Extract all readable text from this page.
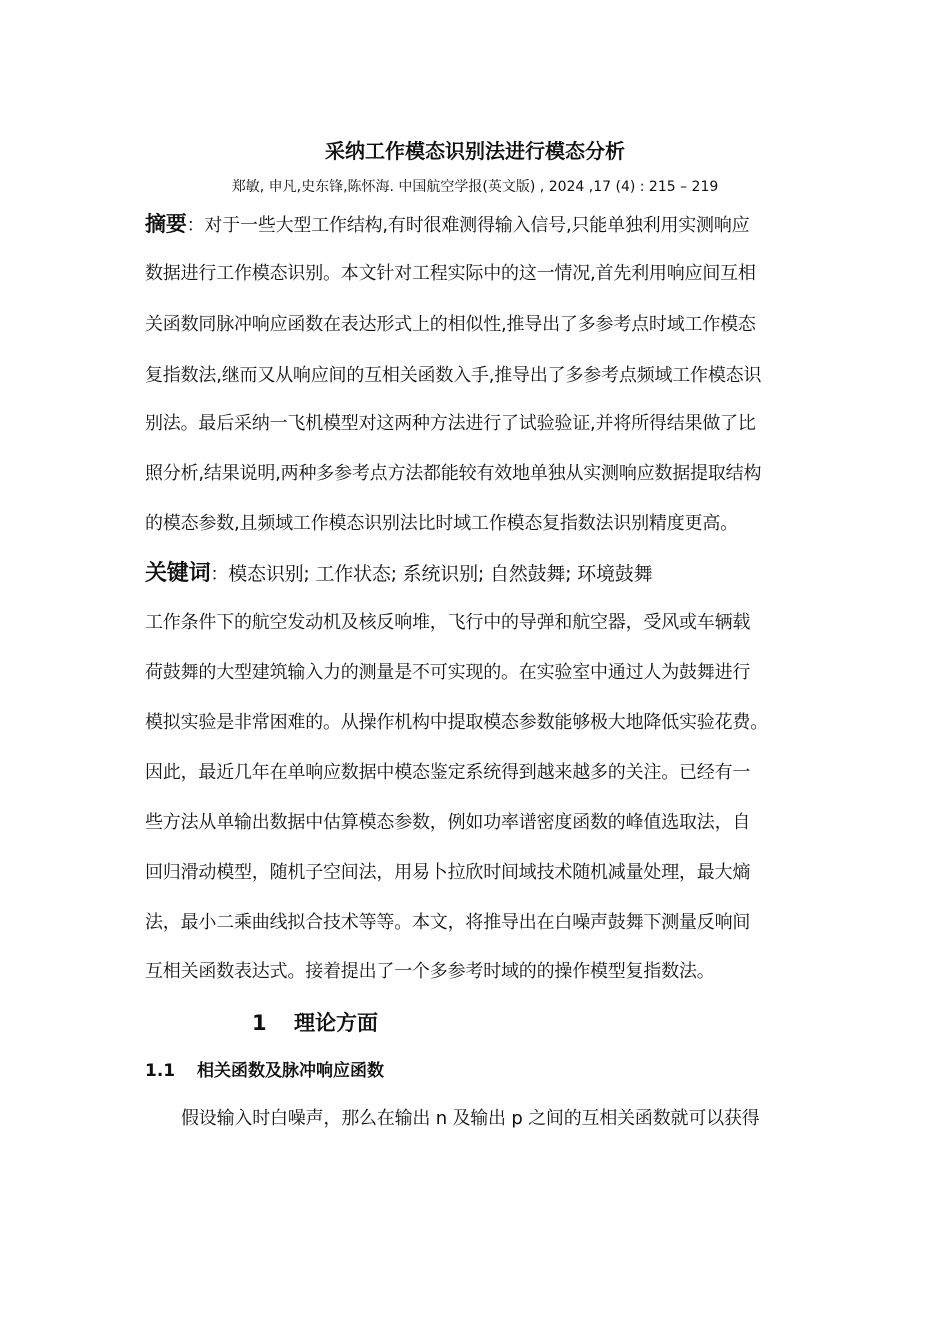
采纳工作模态识别法进行模态分析
郑敏, 申凡,史东锋,陈怀海. 中国航空学报(英文版) , 2024 ,17 (4) : 215 – 219
摘要：对于一些大型工作结构,有时很难测得输入信号,只能单独利用实测响应
数据进行工作模态识别。本文针对工程实际中的这一情况,首先利用响应间互相
关函数同脉冲响应函数在表达形式上的相似性,推导出了多参考点时域工作模态
复指数法,继而又从响应间的互相关函数入手,推导出了多参考点频域工作模态识
别法。最后采纳一飞机模型对这两种方法进行了试验验证,并将所得结果做了比
照分析,结果说明,两种多参考点方法都能较有效地单独从实测响应数据提取结构
的模态参数,且频域工作模态识别法比时域工作模态复指数法识别精度更高。
关键词：模态识别; 工作状态; 系统识别; 自然鼓舞; 环境鼓舞
工作条件下的航空发动机及核反响堆，飞行中的导弹和航空器，受风或车辆载
荷鼓舞的大型建筑输入力的测量是不可实现的。在实验室中通过人为鼓舞进行
模拟实验是非常困难的。从操作机构中提取模态参数能够极大地降低实验花费。
因此，最近几年在单响应数据中模态鉴定系统得到越来越多的关注。已经有一
些方法从单输出数据中估算模态参数，例如功率谱密度函数的峰值选取法，自
回归滑动模型，随机子空间法，用易卜拉欣时间域技术随机减量处理，最大熵
法，最小二乘曲线拟合技术等等。本文，将推导出在白噪声鼓舞下测量反响间
互相关函数表达式。接着提出了一个多参考时域的的操作模型复指数法。
1 理论方面
1.1 相关函数及脉冲响应函数
假设输入时白噪声，那么在输出 n 及输出 p 之间的互相关函数就可以获得
